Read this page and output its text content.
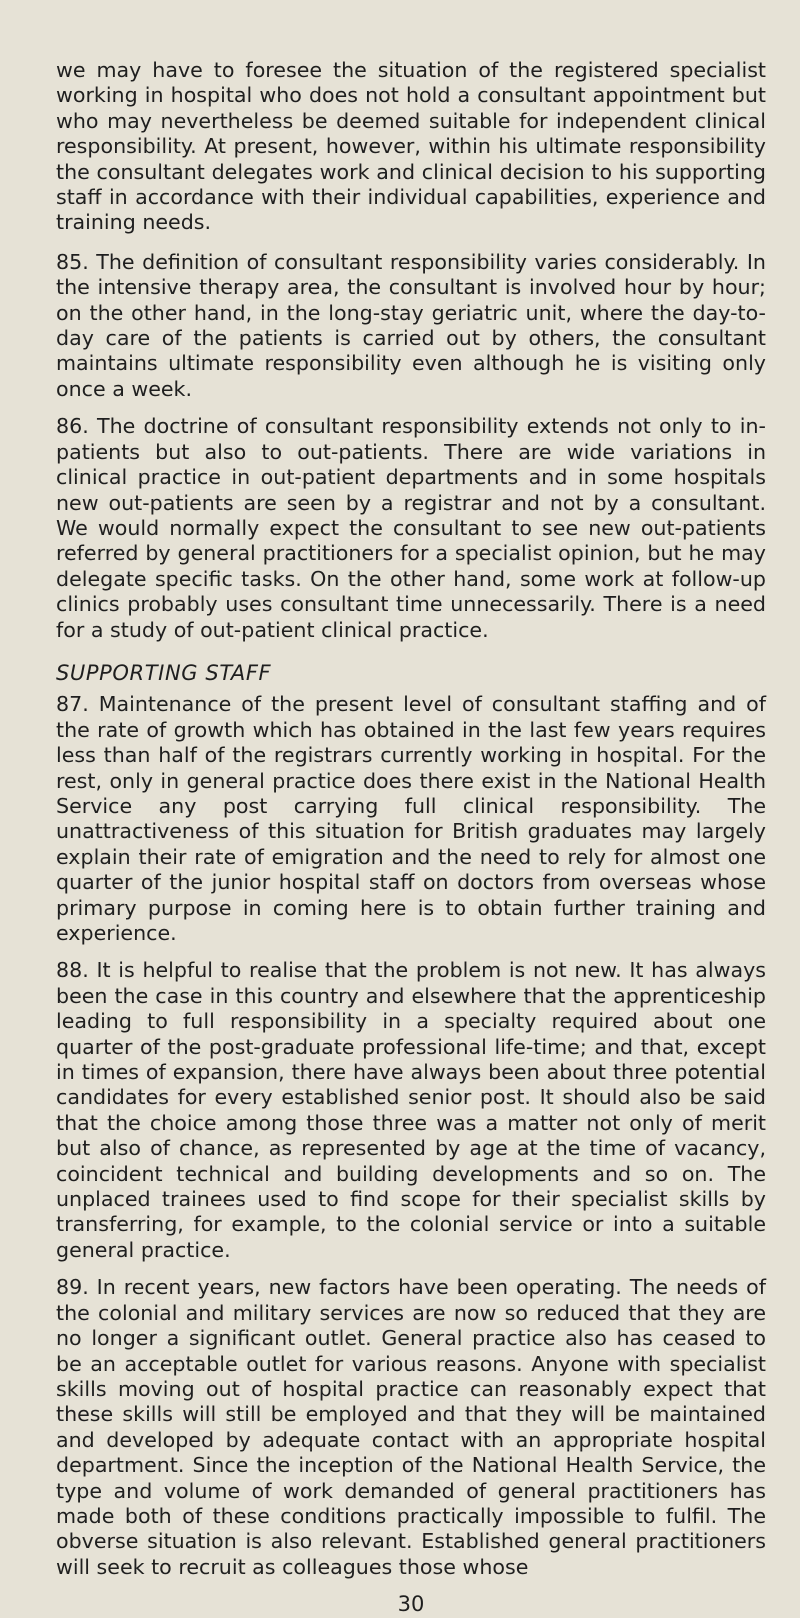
we may have to foresee the situation of the registered specialist working in hospital who does not hold a consultant appointment but who may nevertheless be deemed suitable for independent clinical responsibility. At present, however, within his ultimate responsibility the consultant delegates work and clinical decision to his supporting staff in accordance with their individual capabilities, experience and training needs.

85. The definition of consultant responsibility varies considerably. In the intensive therapy area, the consultant is involved hour by hour; on the other hand, in the long-stay geriatric unit, where the day-to-day care of the patients is carried out by others, the consultant maintains ultimate responsibility even although he is visiting only once a week.

86. The doctrine of consultant responsibility extends not only to in-patients but also to out-patients. There are wide variations in clinical practice in out-patient departments and in some hospitals new out-patients are seen by a registrar and not by a consultant. We would normally expect the consultant to see new out-patients referred by general practitioners for a specialist opinion, but he may delegate specific tasks. On the other hand, some work at follow-up clinics probably uses consultant time unnecessarily. There is a need for a study of out-patient clinical practice.

SUPPORTING STAFF

87. Maintenance of the present level of consultant staffing and of the rate of growth which has obtained in the last few years requires less than half of the registrars currently working in hospital. For the rest, only in general practice does there exist in the National Health Service any post carrying full clinical responsibility. The unattractiveness of this situation for British graduates may largely explain their rate of emigration and the need to rely for almost one quarter of the junior hospital staff on doctors from overseas whose primary purpose in coming here is to obtain further training and experience.

88. It is helpful to realise that the problem is not new. It has always been the case in this country and elsewhere that the apprenticeship leading to full responsibility in a specialty required about one quarter of the post-graduate professional life-time; and that, except in times of expansion, there have always been about three potential candidates for every established senior post. It should also be said that the choice among those three was a matter not only of merit but also of chance, as represented by age at the time of vacancy, coincident technical and building developments and so on. The unplaced trainees used to find scope for their specialist skills by transferring, for example, to the colonial service or into a suitable general practice.

89. In recent years, new factors have been operating. The needs of the colonial and military services are now so reduced that they are no longer a significant outlet. General practice also has ceased to be an acceptable outlet for various reasons. Anyone with specialist skills moving out of hospital practice can reasonably expect that these skills will still be employed and that they will be maintained and developed by adequate contact with an appropriate hospital department. Since the inception of the National Health Service, the type and volume of work demanded of general practitioners has made both of these conditions practically impossible to fulfil. The obverse situation is also relevant. Established general practitioners will seek to recruit as colleagues those whose

30
